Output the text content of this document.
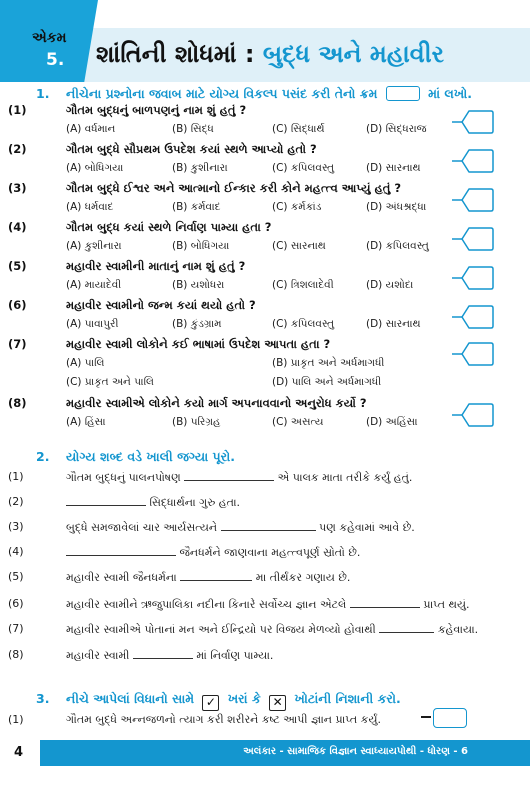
એકમ
5. શાંતિની શોધમાં : બુદ્ધ અને મહાવીર
1. નીચેના પ્રશ્નોના જવાબ માટે યોગ્ય વિકલ્પ પસંદ કરી તેનો ક્રમ	માં લખો.
(1)	ગૌતમ બુદ્ધનું બાળપણનું નામ શું હતું ?
(A) વર્ધમાન	(B) સિદ્ધ	(C) સિદ્ધાર્થ	(D) સિદ્ધરાજ
(2)	ગૌતમ બુદ્ધે સૌપ્રથમ ઉપદેશ કયાં સ્થળે આપ્યો હતો ?
(A) બોધિગયા	(B) કુશીનારા	(C) કપિલવસ્તુ	(D) સારનાથ
(3)	ગૌતમ બુદ્ધે ઈશ્વર અને આત્માનો ઈન્કાર કરી કોને મહત્ત્વ આપ્યું હતું ?
(A) ધર્મવાદ	(B) કર્મવાદ	(C) કર્મકાંડ	(D) અંધશ્રદ્ધા
(4)	ગૌતમ બુદ્ધ કયાં સ્થળે નિર્વાણ પામ્યા હતા ?
(A) કુશીનારા	(B) બોધિગયા	(C) સારનાથ	(D) કપિલવસ્તુ
(5)	મહાવીર સ્વામીની માતાનું નામ શું હતું ?
(A) માયાદેવી	(B) યશોધરા	(C) ત્રિશલાદેવી	(D) યશોદા
(6)	મહાવીર સ્વામીનો જન્મ કયાં થયો હતો ?
(A) પાવાપુરી	(B) કુંડગ્રામ	(C) કપિલવસ્તુ	(D) સારનાથ
(7)	મહાવીર સ્વામી લોકોને કઈ ભાષામાં ઉપદેશ આપતા હતા ?
(A) પાલિ	(B) પ્રાકૃત અને અર્ધમાગધી
(C) પ્રાકૃત અને પાલિ	(D) પાલિ અને અર્ધમાગધી
(8)	મહાવીર સ્વામીએ લોકોને કયો માર્ગ અપનાવવાનો અનુરોધ કર્યો ?
(A) હિંસા	(B) પરિગ્રહ	(C) અસત્ય	(D) અહિંસા
2. યોગ્ય શબ્દ વડે ખાલી જગ્યા પૂરો.
(1)	ગૌતમ બુદ્ધનું પાલનપોષણ	એ પાલક માતા તરીકે કર્યું હતું.
(2)	સિદ્ધાર્થના ગુરુ હતા.
(3)	બુદ્ધે સમજાવેલાં ચાર આર્યસત્યને	પણ કહેવામાં આવે છે.
(4)	જૈનધર્મને જાણવાના મહત્ત્વપૂર્ણ સ્રોતો છે.
(5)	મહાવીર સ્વામી જૈનધર્મના	મા તીર્થંકર ગણાય છે.
(6)	મહાવીર સ્વામીને ઋજુપાલિકા નદીના કિનારે સર્વોચ્ચ જ્ઞાન એટલે	પ્રાપ્ત થયું.
(7)	મહાવીર સ્વામીએ પોતાનાં મન અને ઈન્દ્રિયો પર વિજય મેળવ્યો હોવાથી	કહેવાયા.
(8)	મહાવીર સ્વામી	માં નિર્વાણ પામ્યા.
3. નીચે આપેલાં વિધાનો સામે ✓ ખરાં કે ✕ ખોટાંની નિશાની કરો.
(1)	ગૌતમ બુદ્ધે અન્નજળનો ત્યાગ કરી શરીરને કષ્ટ આપી જ્ઞાન પ્રાપ્ત કર્યું.
4	અલંકાર - સામાજિક વિજ્ઞાન સ્વાધ્યાયપોથી - ધોરણ - 6
